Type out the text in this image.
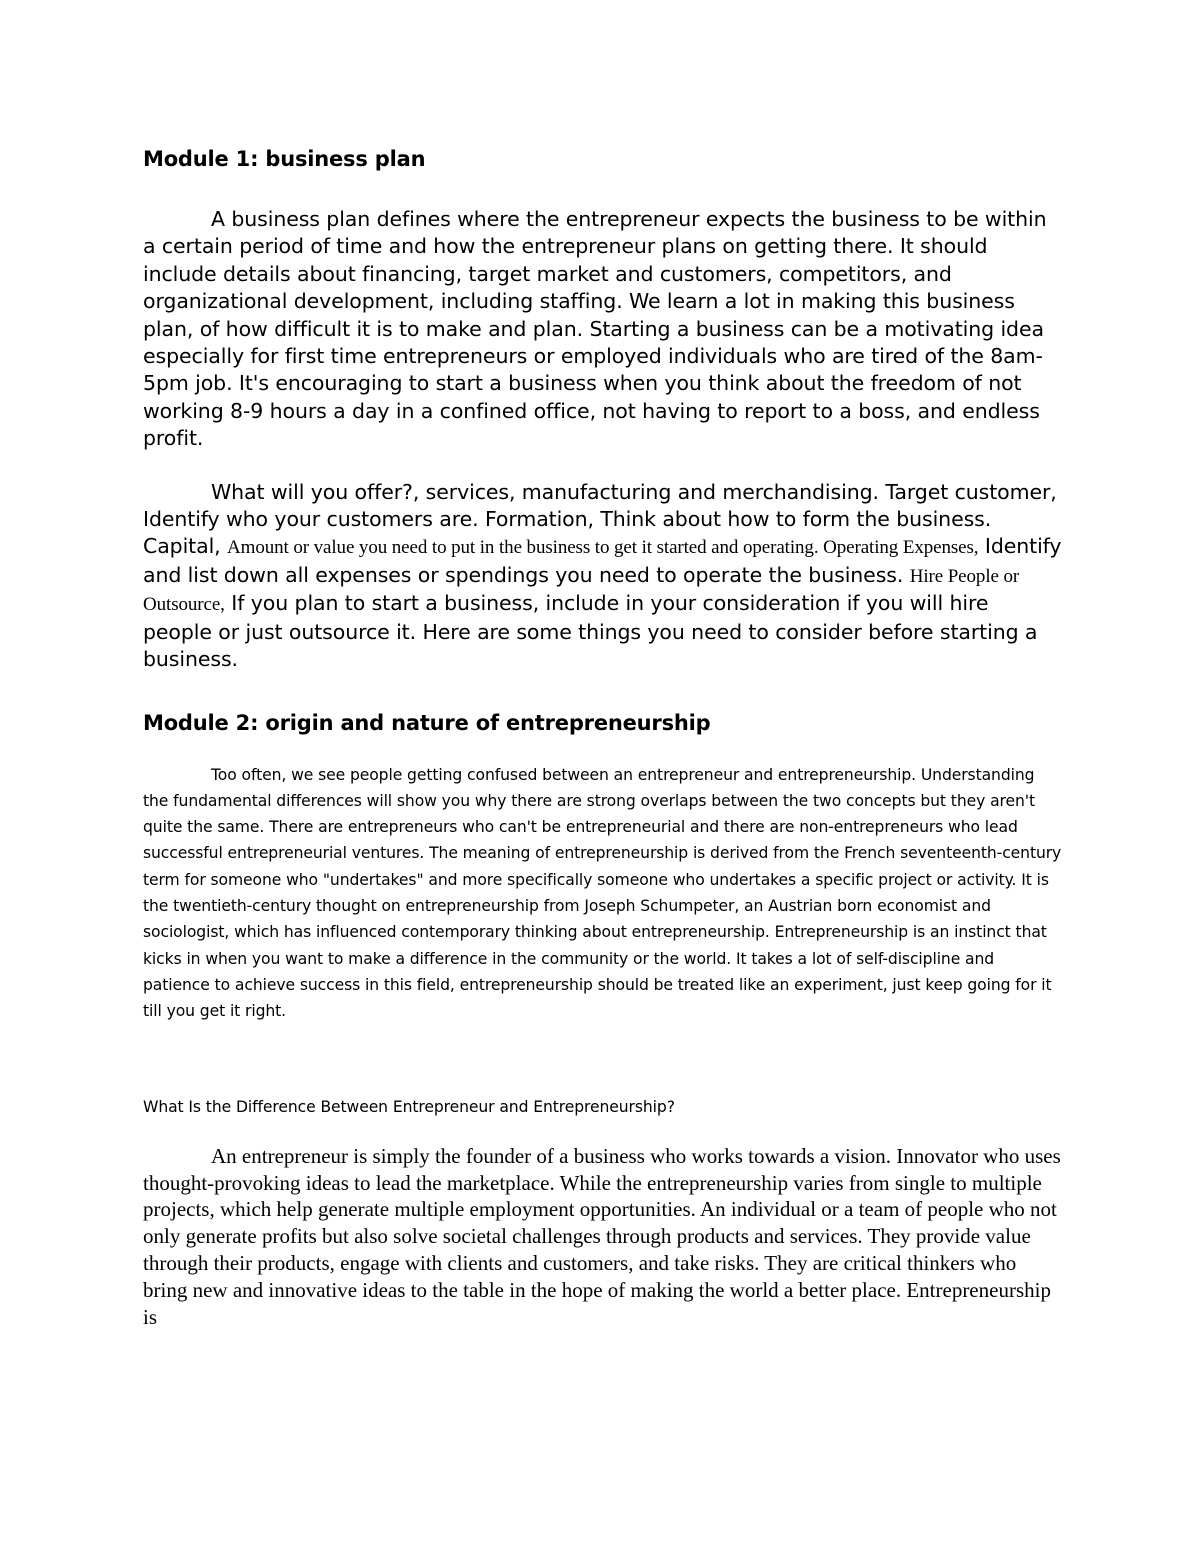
Module 1: business plan

A business plan defines where the entrepreneur expects the business to be within a certain period of time and how the entrepreneur plans on getting there. It should include details about financing, target market and customers, competitors, and organizational development, including staffing. We learn a lot in making this business plan, of how difficult it is to make and plan. Starting a business can be a motivating idea especially for first time entrepreneurs or employed individuals who are tired of the 8am-5pm job. It's encouraging to start a business when you think about the freedom of not working 8-9 hours a day in a confined office, not having to report to a boss, and endless profit.

What will you offer?, services, manufacturing and merchandising. Target customer, Identify who your customers are. Formation, Think about how to form the business. Capital, Amount or value you need to put in the business to get it started and operating. Operating Expenses, Identify and list down all expenses or spendings you need to operate the business. Hire People or Outsource, If you plan to start a business, include in your consideration if you will hire people or just outsource it. Here are some things you need to consider before starting a business.

Module 2: origin and nature of entrepreneurship

Too often, we see people getting confused between an entrepreneur and entrepreneurship. Understanding the fundamental differences will show you why there are strong overlaps between the two concepts but they aren't quite the same. There are entrepreneurs who can't be entrepreneurial and there are non-entrepreneurs who lead successful entrepreneurial ventures. The meaning of entrepreneurship is derived from the French seventeenth-century term for someone who "undertakes" and more specifically someone who undertakes a specific project or activity. It is the twentieth-century thought on entrepreneurship from Joseph Schumpeter, an Austrian born economist and sociologist, which has influenced contemporary thinking about entrepreneurship. Entrepreneurship is an instinct that kicks in when you want to make a difference in the community or the world. It takes a lot of self-discipline and patience to achieve success in this field, entrepreneurship should be treated like an experiment, just keep going for it till you get it right.

What Is the Difference Between Entrepreneur and Entrepreneurship?

An entrepreneur is simply the founder of a business who works towards a vision. Innovator who uses thought-provoking ideas to lead the marketplace. While the entrepreneurship varies from single to multiple projects, which help generate multiple employment opportunities. An individual or a team of people who not only generate profits but also solve societal challenges through products and services. They provide value through their products, engage with clients and customers, and take risks. They are critical thinkers who bring new and innovative ideas to the table in the hope of making the world a better place. Entrepreneurship is
